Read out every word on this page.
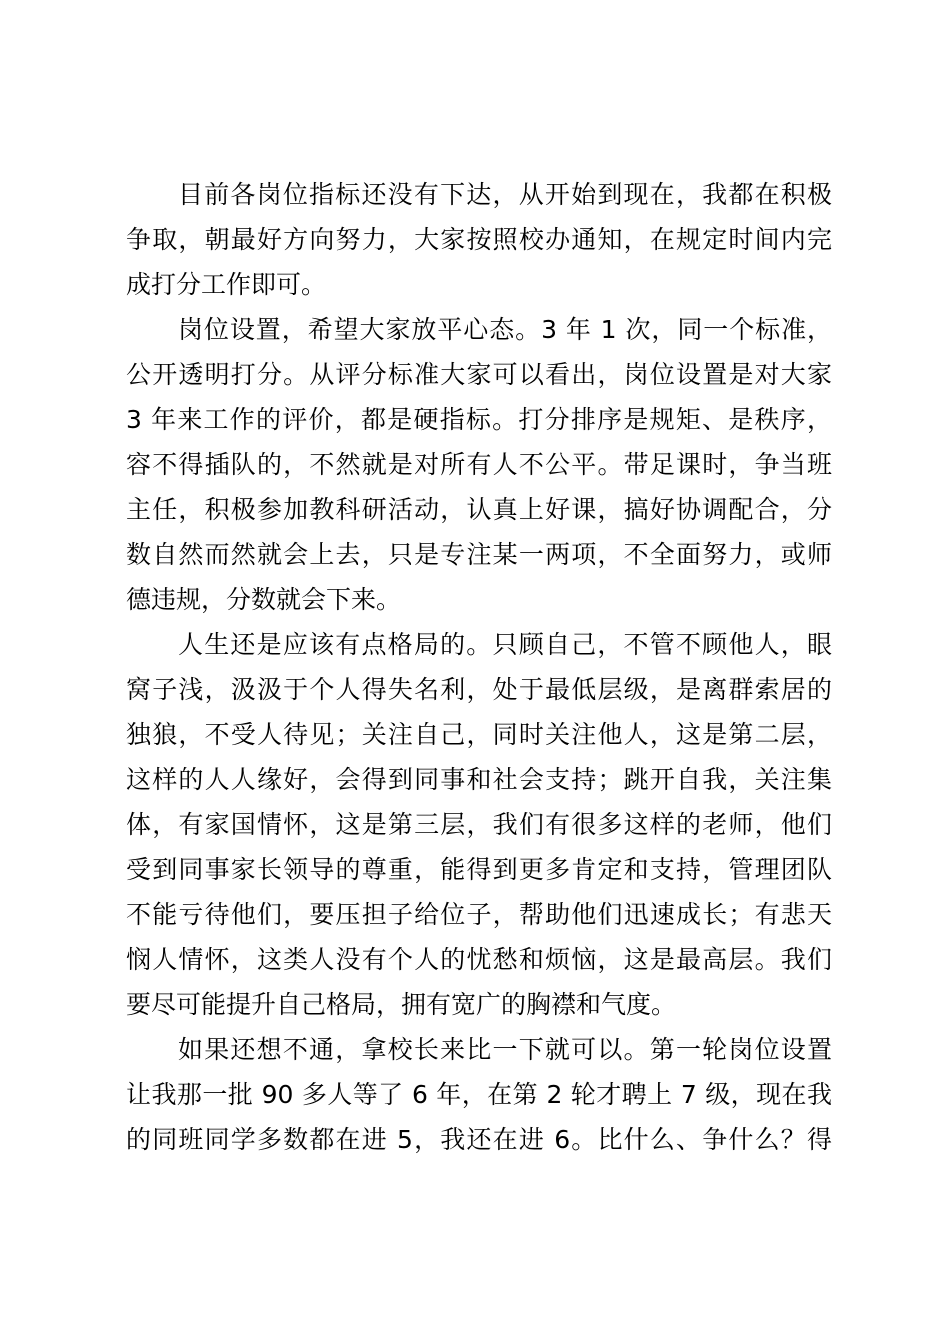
目前各岗位指标还没有下达，从开始到现在，我都在积极
争取，朝最好方向努力，大家按照校办通知，在规定时间内完
成打分工作即可。

岗位设置，希望大家放平心态。3 年 1 次，同一个标准，
公开透明打分。从评分标准大家可以看出，岗位设置是对大家
3 年来工作的评价，都是硬指标。打分排序是规矩、是秩序，
容不得插队的，不然就是对所有人不公平。带足课时，争当班
主任，积极参加教科研活动，认真上好课，搞好协调配合，分
数自然而然就会上去，只是专注某一两项，不全面努力，或师
德违规，分数就会下来。

人生还是应该有点格局的。只顾自己，不管不顾他人，眼
窝子浅，汲汲于个人得失名利，处于最低层级，是离群索居的
独狼，不受人待见；关注自己，同时关注他人，这是第二层，
这样的人人缘好，会得到同事和社会支持；跳开自我，关注集
体，有家国情怀，这是第三层，我们有很多这样的老师，他们
受到同事家长领导的尊重，能得到更多肯定和支持，管理团队
不能亏待他们，要压担子给位子，帮助他们迅速成长；有悲天
悯人情怀，这类人没有个人的忧愁和烦恼，这是最高层。我们
要尽可能提升自己格局，拥有宽广的胸襟和气度。

如果还想不通，拿校长来比一下就可以。第一轮岗位设置
让我那一批 90 多人等了 6 年，在第 2 轮才聘上 7 级，现在我
的同班同学多数都在进 5，我还在进 6。比什么、争什么？得
